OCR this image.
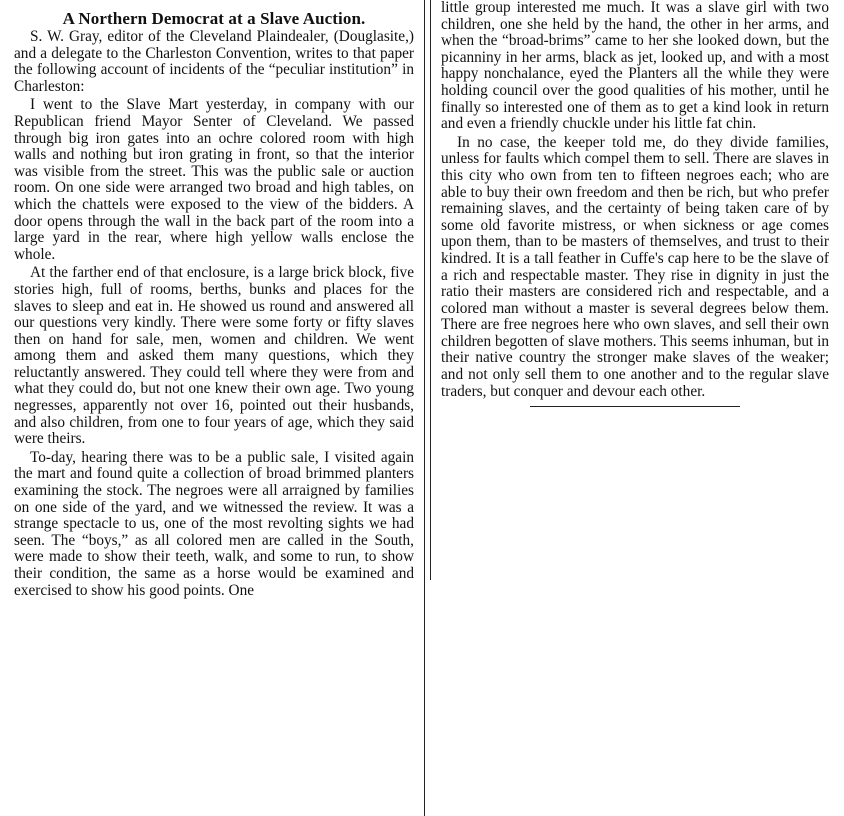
A Northern Democrat at a Slave Auction.

S. W. Gray, editor of the Cleveland Plaindealer, (Douglasite,) and a delegate to the Charleston Convention, writes to that paper the following account of incidents of the “peculiar institution” in Charleston:

I went to the Slave Mart yesterday, in company with our Republican friend Mayor Senter of Cleveland. We passed through big iron gates into an ochre colored room with high walls and nothing but iron grating in front, so that the interior was visible from the street. This was the public sale or auction room. On one side were arranged two broad and high tables, on which the chattels were exposed to the view of the bidders. A door opens through the wall in the back part of the room into a large yard in the rear, where high yellow walls enclose the whole.

At the farther end of that enclosure, is a large brick block, five stories high, full of rooms, berths, bunks and places for the slaves to sleep and eat in. He showed us round and answered all our questions very kindly. There were some forty or fifty slaves then on hand for sale, men, women and children. We went among them and asked them many questions, which they reluctantly answered. They could tell where they were from and what they could do, but not one knew their own age. Two young negresses, apparently not over 16, pointed out their husbands, and also children, from one to four years of age, which they said were theirs.

To-day, hearing there was to be a public sale, I visited again the mart and found quite a collection of broad brimmed planters examining the stock. The negroes were all arraigned by families on one side of the yard, and we witnessed the review. It was a strange spectacle to us, one of the most revolting sights we had seen. The “boys,” as all colored men are called in the South, were made to show their teeth, walk, and some to run, to show their condition, the same as a horse would be examined and exercised to show his good points. One

little group interested me much. It was a slave girl with two children, one she held by the hand, the other in her arms, and when the “broad-brims” came to her she looked down, but the picanniny in her arms, black as jet, looked up, and with a most happy nonchalance, eyed the Planters all the while they were holding council over the good qualities of his mother, until he finally so interested one of them as to get a kind look in return and even a friendly chuckle under his little fat chin.

In no case, the keeper told me, do they divide families, unless for faults which compel them to sell. There are slaves in this city who own from ten to fifteen negroes each; who are able to buy their own freedom and then be rich, but who prefer remaining slaves, and the certainty of being taken care of by some old favorite mistress, or when sickness or age comes upon them, than to be masters of themselves, and trust to their kindred. It is a tall feather in Cuffe's cap here to be the slave of a rich and respectable master. They rise in dignity in just the ratio their masters are considered rich and respectable, and a colored man without a master is several degrees below them. There are free negroes here who own slaves, and sell their own children begotten of slave mothers. This seems inhuman, but in their native country the stronger make slaves of the weaker; and not only sell them to one another and to the regular slave traders, but conquer and devour each other.
